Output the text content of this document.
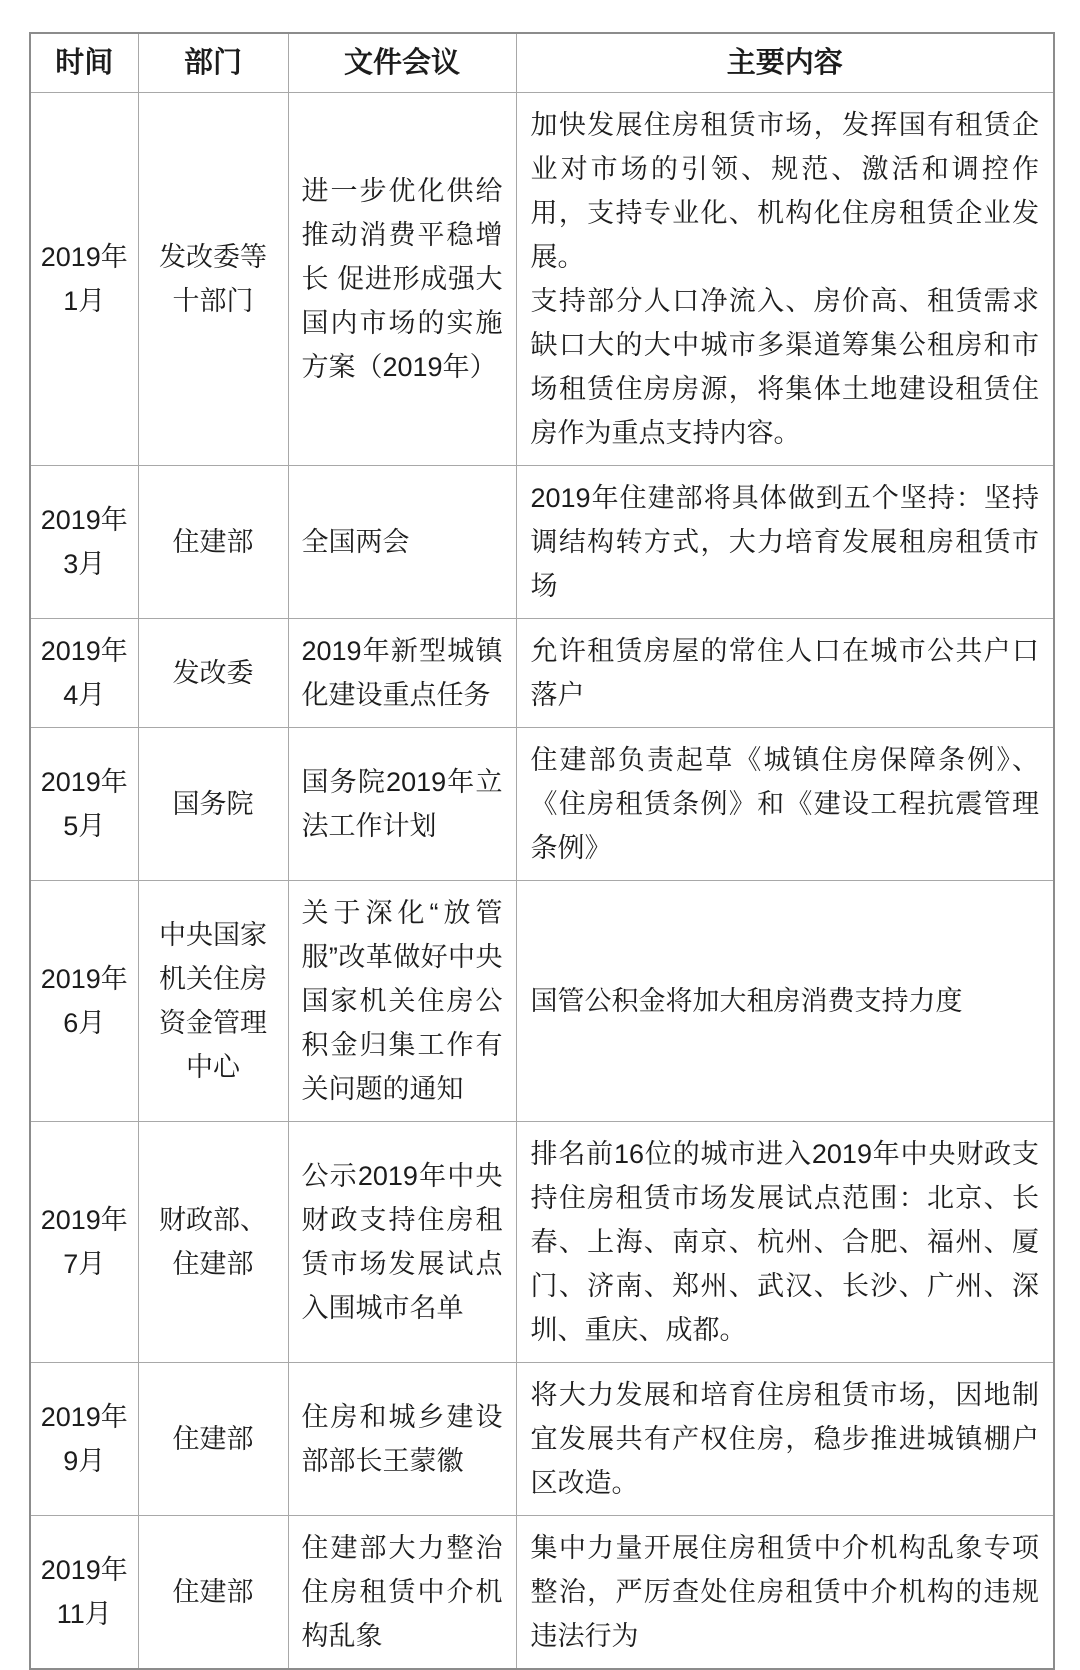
时间	部门	文件会议	主要内容
2019年1月	发改委等十部门	进一步优化供给推动消费平稳增长 促进形成强大国内市场的实施方案（2019年）	加快发展住房租赁市场，发挥国有租赁企业对市场的引领、规范、激活和调控作用，支持专业化、机构化住房租赁企业发展。

支持部分人口净流入、房价高、租赁需求缺口大的大中城市多渠道筹集公租房和市场租赁住房房源，将集体土地建设租赁住房作为重点支持内容。

2019年3月	住建部	全国两会	2019年住建部将具体做到五个坚持：坚持调结构转方式，大力培育发展租房租赁市场

2019年4月	发改委	2019年新型城镇化建设重点任务	允许租赁房屋的常住人口在城市公共户口落户

2019年5月	国务院	国务院2019年立法工作计划	住建部负责起草《城镇住房保障条例》、《住房租赁条例》和《建设工程抗震管理条例》

2019年6月	中央国家机关住房资金管理中心	关于深化“放管服”改革做好中央国家机关住房公积金归集工作有关问题的通知	国管公积金将加大租房消费支持力度

2019年7月	财政部、住建部	公示2019年中央财政支持住房租赁市场发展试点入围城市名单	排名前16位的城市进入2019年中央财政支持住房租赁市场发展试点范围：北京、长春、上海、南京、杭州、合肥、福州、厦门、济南、郑州、武汉、长沙、广州、深圳、重庆、成都。

2019年9月	住建部	住房和城乡建设部部长王蒙徽	将大力发展和培育住房租赁市场，因地制宜发展共有产权住房，稳步推进城镇棚户区改造。

2019年11月	住建部	住建部大力整治住房租赁中介机构乱象	集中力量开展住房租赁中介机构乱象专项整治，严厉查处住房租赁中介机构的违规违法行为
